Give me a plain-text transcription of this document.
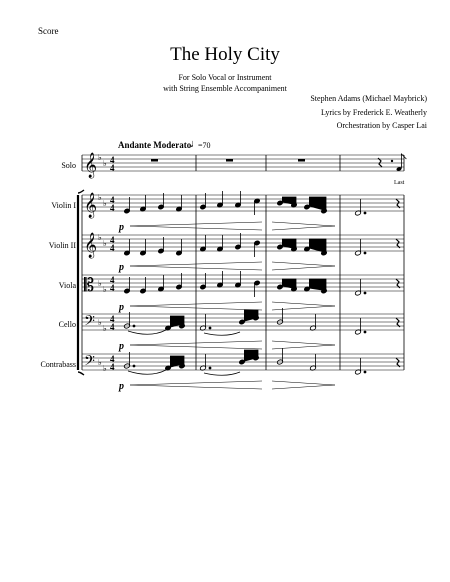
Score
The Holy City
For Solo Vocal or Instrument
with String Ensemble Accompaniment
Stephen Adams (Michael Maybrick)
Lyrics by Frederick E. Weatherly
Orchestration by Casper Lai
Andante Moderato
♩
=70
Solo
Violin I
Violin II
Viola
Cello
Contrabass
p
p
p
p
p
Last
𝄞
𝄞
𝄞
𝄡
𝄢
𝄢
♭
♭
♭
♭
♭
♭
♭
♭
♭
♭
♭
♭
4
4
4
4
4
4
4
4
4
4
4
4
